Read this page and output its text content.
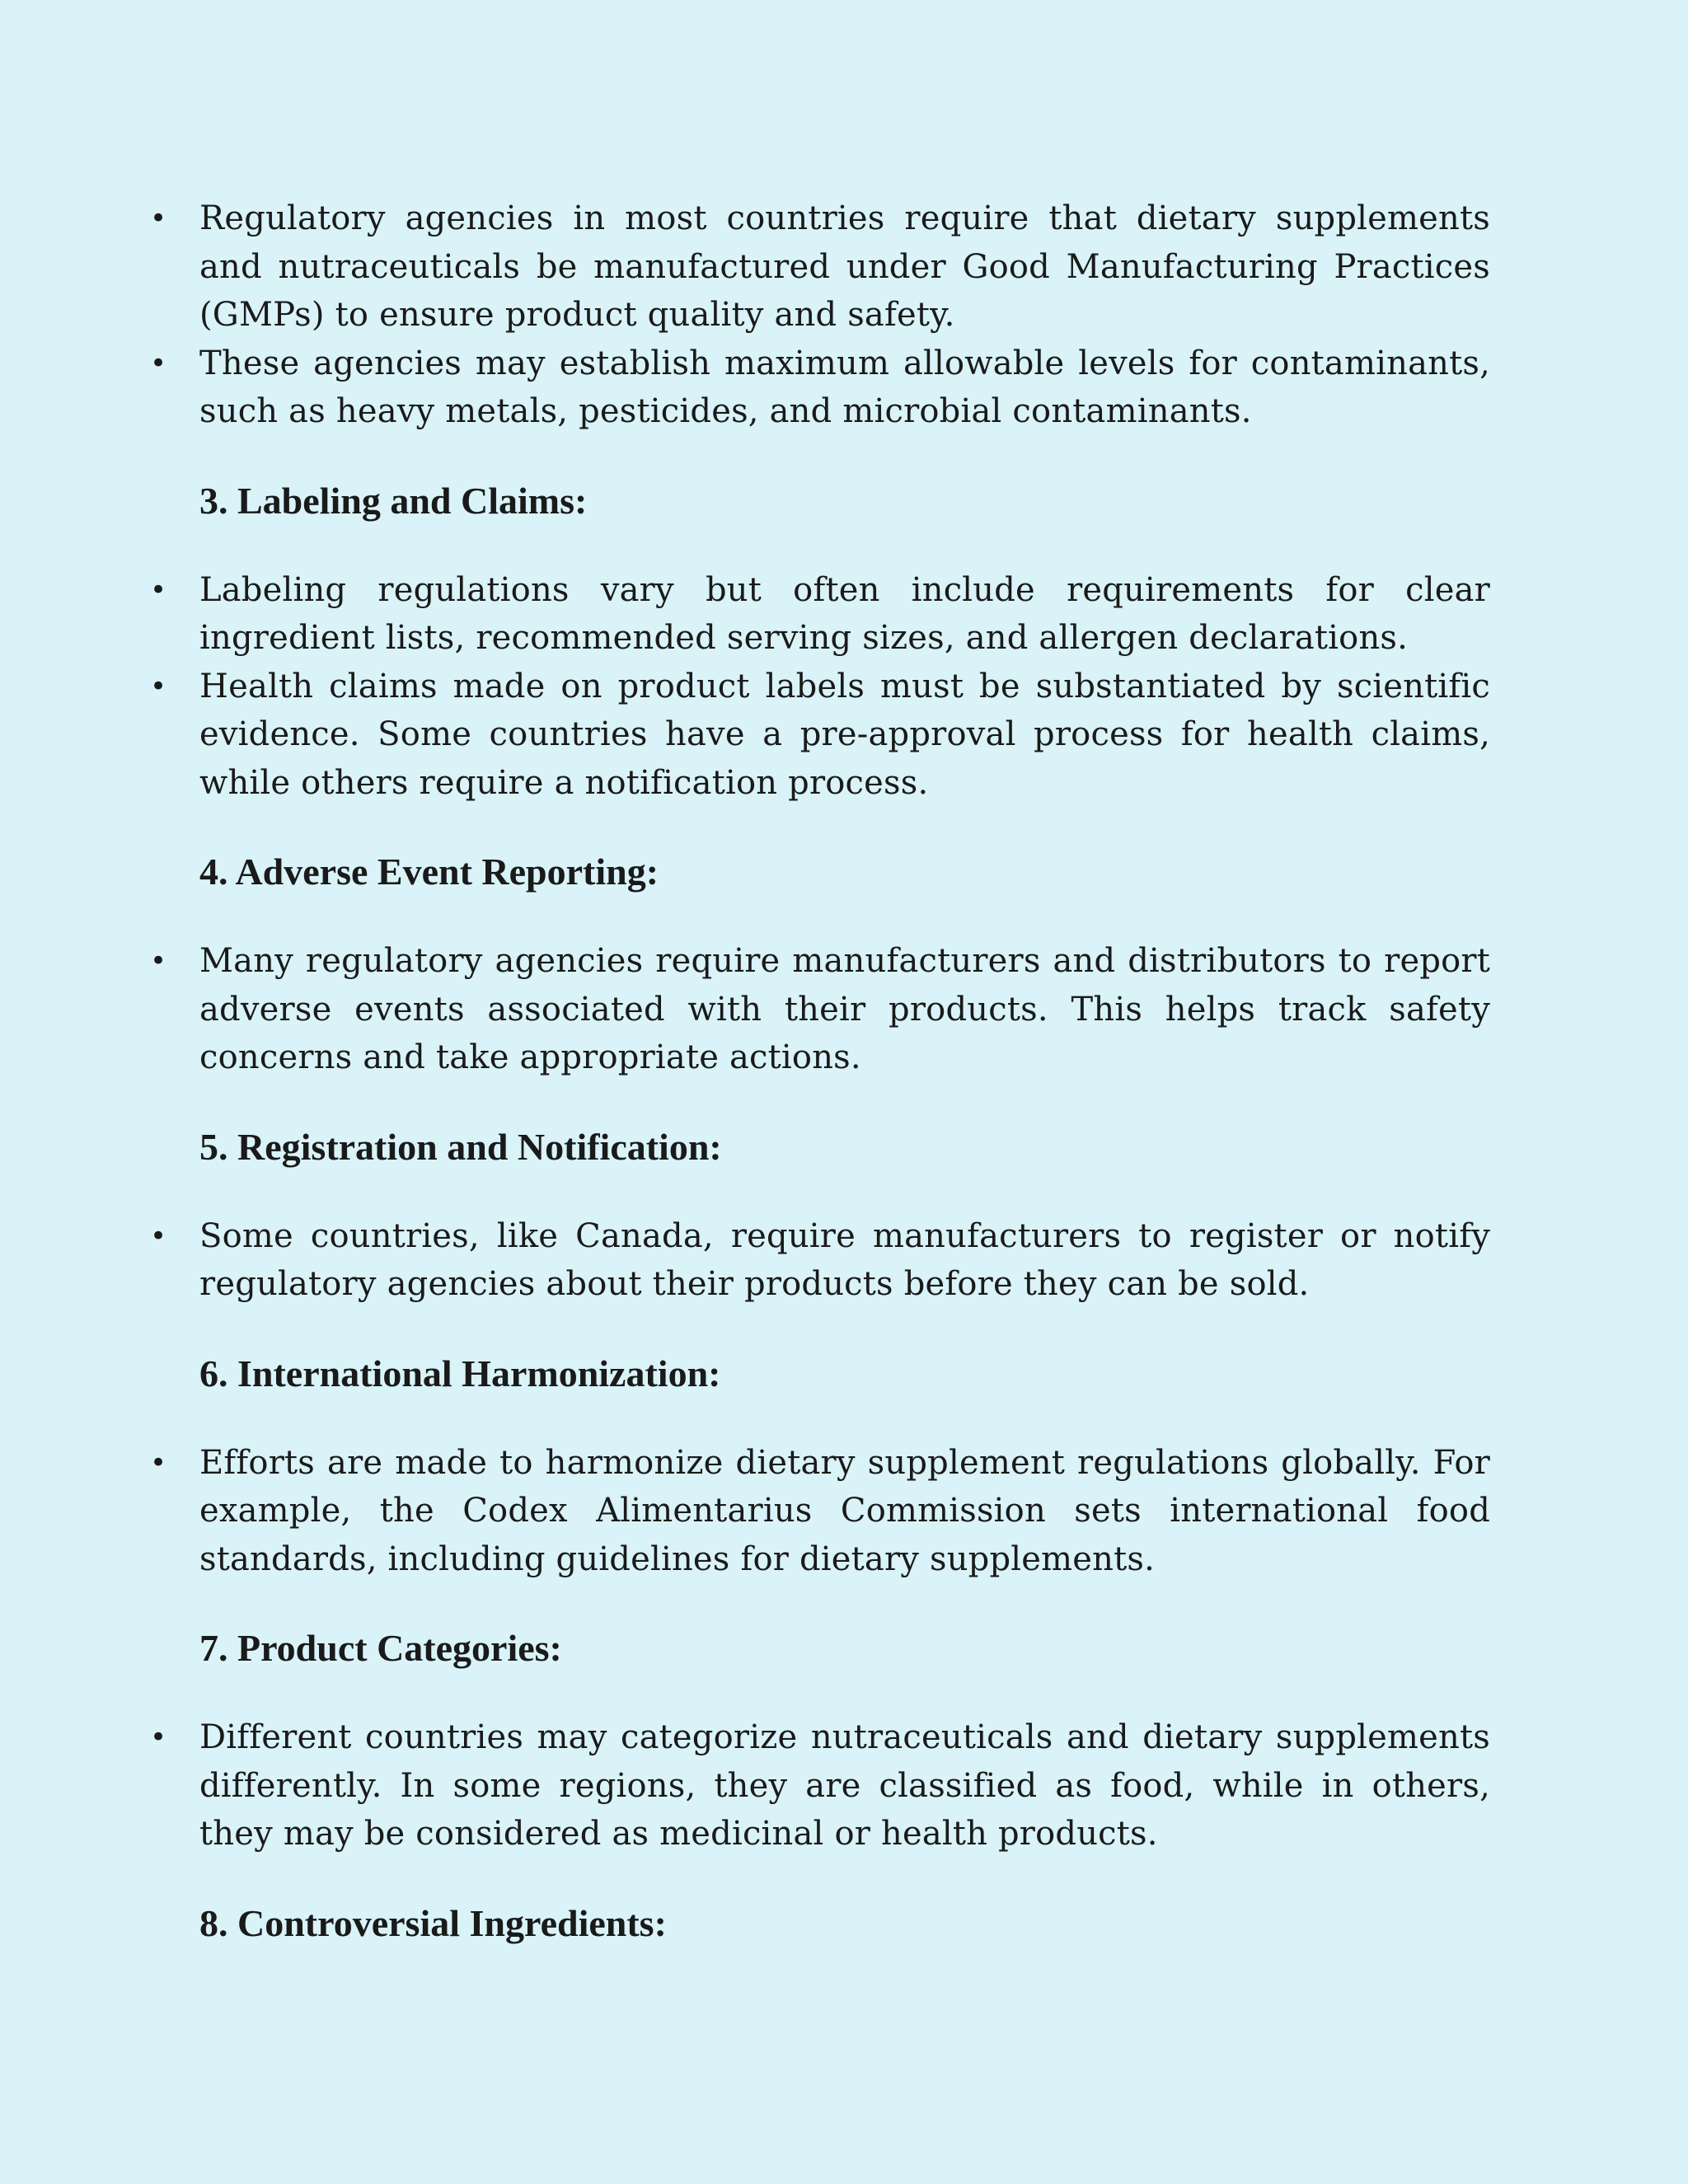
• Regulatory agencies in most countries require that dietary supplements and nutraceuticals be manufactured under Good Manufacturing Practices (GMPs) to ensure product quality and safety.
• These agencies may establish maximum allowable levels for contaminants, such as heavy metals, pesticides, and microbial contaminants.
3. Labeling and Claims:
• Labeling regulations vary but often include requirements for clear ingredient lists, recommended serving sizes, and allergen declarations.
• Health claims made on product labels must be substantiated by scientific evidence. Some countries have a pre-approval process for health claims, while others require a notification process.
4. Adverse Event Reporting:
• Many regulatory agencies require manufacturers and distributors to report adverse events associated with their products. This helps track safety concerns and take appropriate actions.
5. Registration and Notification:
• Some countries, like Canada, require manufacturers to register or notify regulatory agencies about their products before they can be sold.
6. International Harmonization:
• Efforts are made to harmonize dietary supplement regulations globally. For example, the Codex Alimentarius Commission sets international food standards, including guidelines for dietary supplements.
7. Product Categories:
• Different countries may categorize nutraceuticals and dietary supplements differently. In some regions, they are classified as food, while in others, they may be considered as medicinal or health products.
8. Controversial Ingredients:
